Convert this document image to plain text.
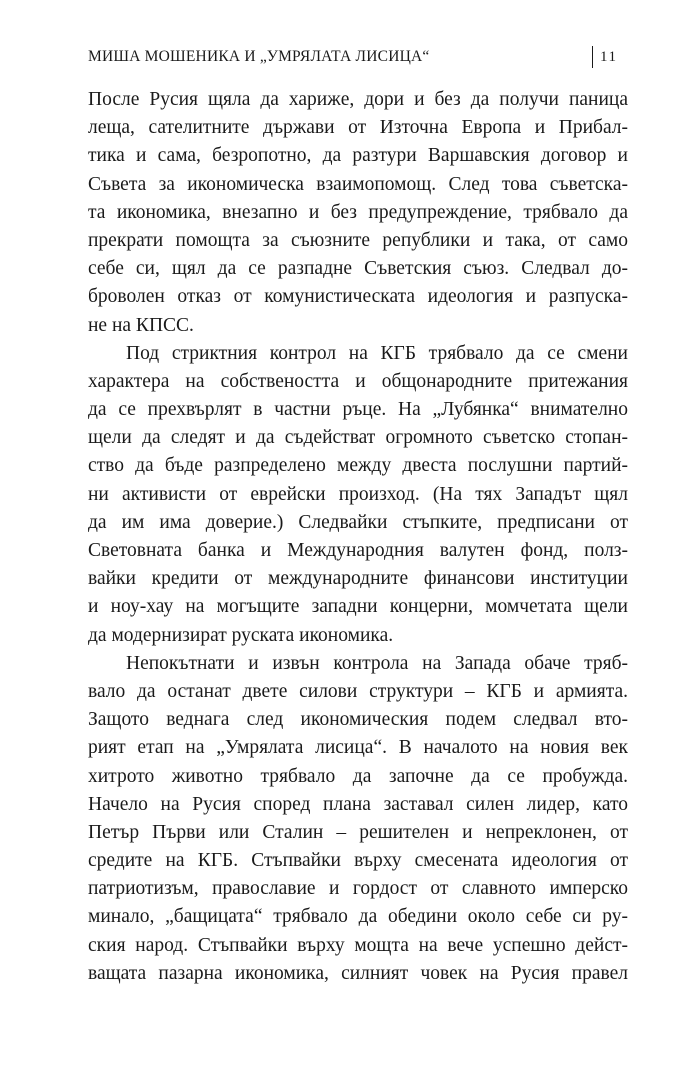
МИША МОШЕНИКА И „УМРЯЛАТА ЛИСИЦА“	11
После Русия щяла да харижe, дори и без да получи паница
леща, сателитните държави от Източна Европа и Прибал-
тика и сама, безропотно, да разтури Варшавския договор и
Съвета за икономическа взаимопомощ. След това съветска-
та икономика, внезапно и без предупреждение, трябвало да
прекрати помощта за съюзните републики и така, от само
себе си, щял да се разпадне Съветския съюз. Следвал до-
броволен отказ от комунистическата идеология и разпуска-
не на КПСС.
Под стриктния контрол на КГБ трябвало да се смени
характера на собствеността и общонародните притежания
да се прехвърлят в частни ръце. На „Лубянка“ внимателно
щели да следят и да съдействат огромното съветско стопан-
ство да бъде разпределено между двеста послушни партий-
ни активисти от еврейски произход. (На тях Западът щял
да им има доверие.) Следвайки стъпките, предписани от
Световната банка и Международния валутен фонд, полз-
вайки кредити от международните финансови институции
и ноу-хау на могъщите западни концерни, момчетата щели
да модернизират руската икономика.
Непокътнати и извън контрола на Запада обаче тряб-
вало да останат двете силови структури – КГБ и армията.
Защото веднага след икономическия подем следвал вто-
рият етап на „Умрялата лисица“. В началото на новия век
хитрото животно трябвало да започне да се пробужда.
Начело на Русия според плана заставал силен лидер, като
Петър Първи или Сталин – решителен и непреклонен, от
средите на КГБ. Стъпвайки върху смесената идеология от
патриотизъм, православие и гордост от славното имперско
минало, „бащицата“ трябвало да обедини около себе си ру-
ския народ. Стъпвайки върху мощта на вече успешно дейст-
ващата пазарна икономика, силният човек на Русия правел
